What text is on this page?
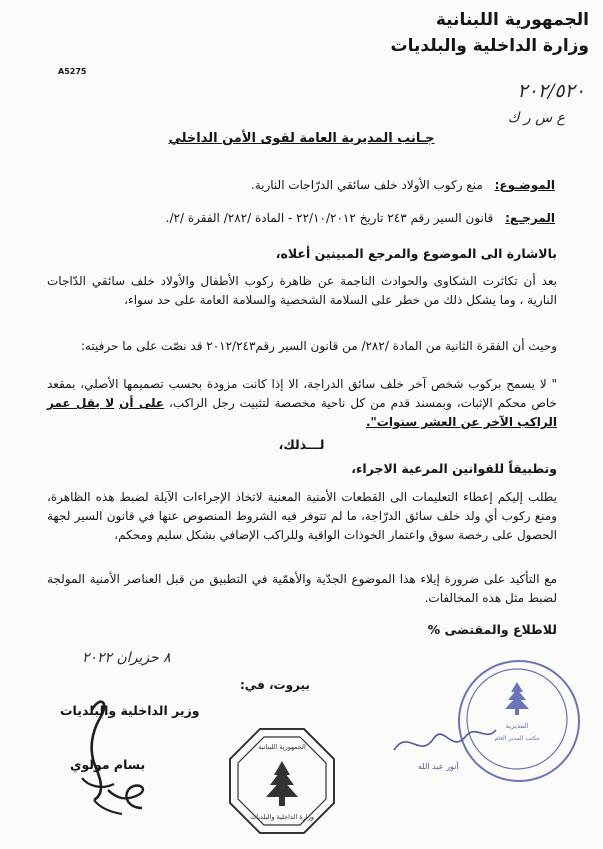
الجمهورية اللبنانية
وزارة الداخلية والبلديات
A5275
٢٠٢/٥٢٠
ع س ر ك
جـانب المديرية العامة لقوى الأمن الداخلي
الموضـوع: منع ركوب الأولاد خلف سائقي الدرّاجات النارية.
المرجـع: قانون السير رقم ٢٤٣ تاريخ ٢٢/١٠/٢٠١٢ - المادة /٢٨٢/ الفقرة /٢/.
بالاشارة الى الموضوع والمرجع المبينين أعلاه،
بعد أن تكاثرت الشكاوى والحوادث الناجمة عن ظاهرة ركوب الأطفال والأولاد خلف سائقي الدّاجات النارية ، وما يشكل ذلك من خطر على السلامة الشخصية والسلامة العامة على حد سواء،
وحيث أن الفقرة الثانية من المادة /٢٨٢/ من قانون السير رقم٢٠١٢/٢٤٣ قد نصّت على ما حرفيته:
" لا يسمح بركوب شخص آخر خلف سائق الدراجة، الا إذا كانت مزودة بحسب تصميمها الأصلي، بمقعد خاص محكم الإثبات، وبمسند قدم من كل ناحية مخصصة لتثبيت رجل الراكب، على أن لا يقل عمر الراكب الآخر عن العشر سنوات".
لـــذلك،
وتطبيقاً للقوانين المرعية الاجراء،
يطلب إليكم إعطاء التعليمات الى القطعات الأمنية المعنية لاتخاذ الإجراءات الآيلة لضبط هذه الظاهرة، ومنع ركوب أي ولد خلف سائق الدرّاجة، ما لم تتوفر فيه الشروط المنصوص عنها في قانون السير لجهة الحصول على رخصة سوق واعتمار الخوذات الواقية وللراكب الإضافي بشكل سليم ومحكم،
مع التأكيد على ضرورة إيلاء هذا الموضوع الجدّية والأهمّية في التطبيق من قبل العناصر الأمنية المولجة لضبط مثل هذه المخالفات.
للاطلاع والمقتضى %
٨ حزيران ٢٠٢٢
بيروت، في:
وزير الداخلية والبلديات
بسام مولوي
الجمهورية اللبنانية
وزارة الداخلية والبلديات
المديرية
مكتب المدير العام
أنور عبد الله
